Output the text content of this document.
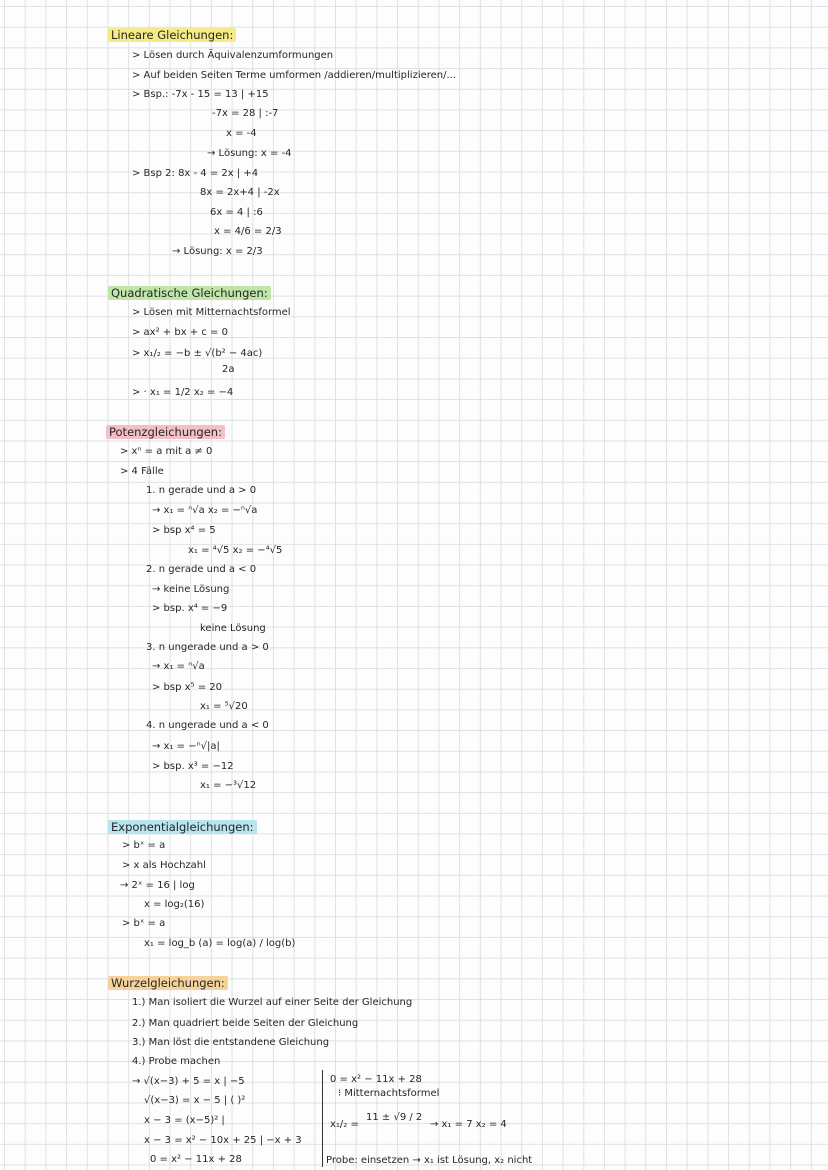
Lineare Gleichungen:
> Lösen durch Äquivalenzumformungen
> Auf beiden Seiten Terme umformen /addieren/multiplizieren/...
> Bsp.: -7x - 15 = 13 | +15
-7x = 28 | :-7
x = -4
→ Lösung: x = -4
> Bsp 2: 8x - 4 = 2x | +4
8x = 2x+4 | -2x
6x = 4 | :6
x = 4/6 = 2/3
→ Lösung: x = 2/3
Quadratische Gleichungen:
> Lösen mit Mitternachtsformel
> ax² + bx + c = 0
> x₁/₂ = −b ± √(b² − 4ac)
2a
> · x₁ = 1/2 x₂ = −4
Potenzgleichungen:
> xⁿ = a mit a ≠ 0
> 4 Fälle
1. n gerade und a > 0
→ x₁ = ⁿ√a x₂ = −ⁿ√a
> bsp x⁴ = 5
x₁ = ⁴√5 x₂ = −⁴√5
2. n gerade und a < 0
→ keine Lösung
> bsp. x⁴ = −9
keine Lösung
3. n ungerade und a > 0
→ x₁ = ⁿ√a
> bsp x⁵ = 20
x₁ = ⁵√20
4. n ungerade und a < 0
→ x₁ = −ⁿ√|a|
> bsp. x³ = −12
x₁ = −³√12
Exponentialgleichungen:
> bˣ = a
> x als Hochzahl
→ 2ˣ = 16 | log
x = log₂(16)
> bˣ = a
x₁ = log_b (a) = log(a) / log(b)
Wurzelgleichungen:
1.) Man isoliert die Wurzel auf einer Seite der Gleichung
2.) Man quadriert beide Seiten der Gleichung
3.) Man löst die entstandene Gleichung
4.) Probe machen
→ √(x−3) + 5 = x | −5
√(x−3) = x − 5 | ( )²
x − 3 = (x−5)² |
x − 3 = x² − 10x + 25 | −x + 3
0 = x² − 11x + 28
0 = x² − 11x + 28
⁝ Mitternachtsformel
x₁/₂ =
11 ± √9 / 2
→ x₁ = 7 x₂ = 4
Probe: einsetzen → x₁ ist Lösung, x₂ nicht
